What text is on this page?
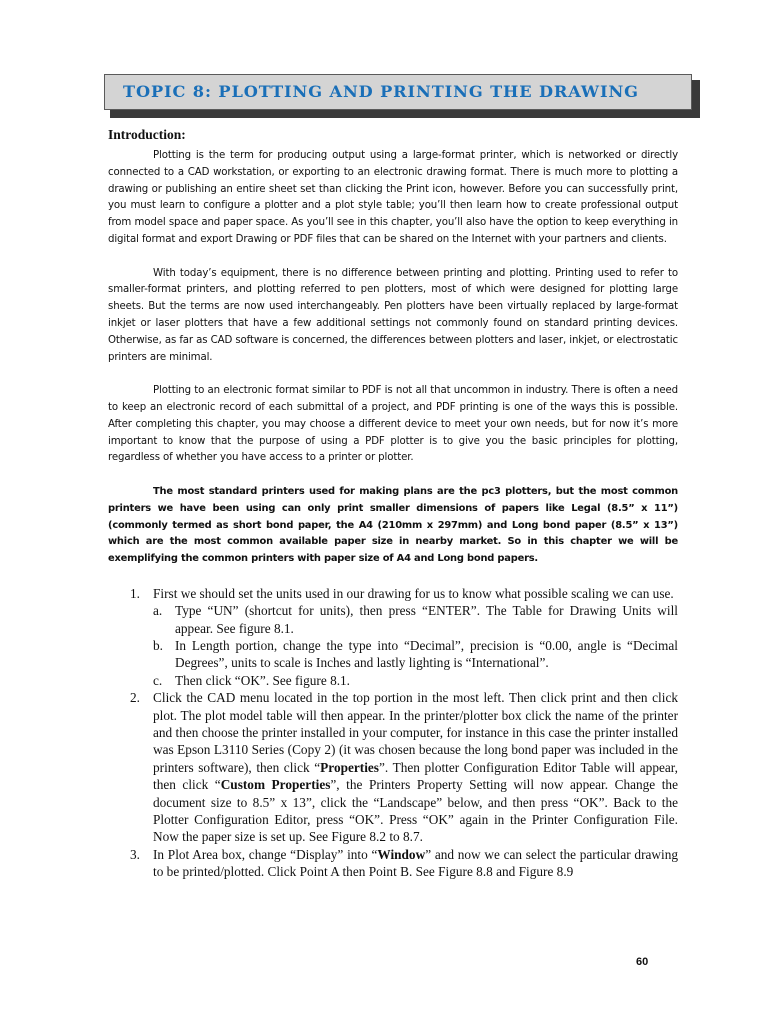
TOPIC 8: PLOTTING AND PRINTING THE DRAWING
Introduction:

Plotting is the term for producing output using a large-format printer, which is networked or directly connected to a CAD workstation, or exporting to an electronic drawing format. There is much more to plotting a drawing or publishing an entire sheet set than clicking the Print icon, however. Before you can successfully print, you must learn to configure a plotter and a plot style table; you’ll then learn how to create professional output from model space and paper space. As you’ll see in this chapter, you’ll also have the option to keep everything in digital format and export Drawing or PDF files that can be shared on the Internet with your partners and clients.

With today’s equipment, there is no difference between printing and plotting. Printing used to refer to smaller-format printers, and plotting referred to pen plotters, most of which were designed for plotting large sheets. But the terms are now used interchangeably. Pen plotters have been virtually replaced by large-format inkjet or laser plotters that have a few additional settings not commonly found on standard printing devices. Otherwise, as far as CAD software is concerned, the differences between plotters and laser, inkjet, or electrostatic printers are minimal.

Plotting to an electronic format similar to PDF is not all that uncommon in industry. There is often a need to keep an electronic record of each submittal of a project, and PDF printing is one of the ways this is possible. After completing this chapter, you may choose a different device to meet your own needs, but for now it’s more important to know that the purpose of using a PDF plotter is to give you the basic principles for plotting, regardless of whether you have access to a printer or plotter.

The most standard printers used for making plans are the pc3 plotters, but the most common printers we have been using can only print smaller dimensions of papers like Legal (8.5” x 11”) (commonly termed as short bond paper, the A4 (210mm x 297mm) and Long bond paper (8.5” x 13”) which are the most common available paper size in nearby market. So in this chapter we will be exemplifying the common printers with paper size of A4 and Long bond papers.

1. First we should set the units used in our drawing for us to know what possible scaling we can use.
a. Type “UN” (shortcut for units), then press “ENTER”. The Table for Drawing Units will appear. See figure 8.1.
b. In Length portion, change the type into “Decimal”, precision is “0.00, angle is “Decimal Degrees”, units to scale is Inches and lastly lighting is “International”.
c. Then click “OK”. See figure 8.1.
2. Click the CAD menu located in the top portion in the most left. Then click print and then click plot. The plot model table will then appear. In the printer/plotter box click the name of the printer and then choose the printer installed in your computer, for instance in this case the printer installed was Epson L3110 Series (Copy 2) (it was chosen because the long bond paper was included in the printers software), then click “Properties”. Then plotter Configuration Editor Table will appear, then click “Custom Properties”, the Printers Property Setting will now appear. Change the document size to 8.5” x 13”, click the “Landscape” below, and then press “OK”. Back to the Plotter Configuration Editor, press “OK”. Press “OK” again in the Printer Configuration File. Now the paper size is set up. See Figure 8.2 to 8.7.
3. In Plot Area box, change “Display” into “Window” and now we can select the particular drawing to be printed/plotted. Click Point A then Point B. See Figure 8.8 and Figure 8.9
60
